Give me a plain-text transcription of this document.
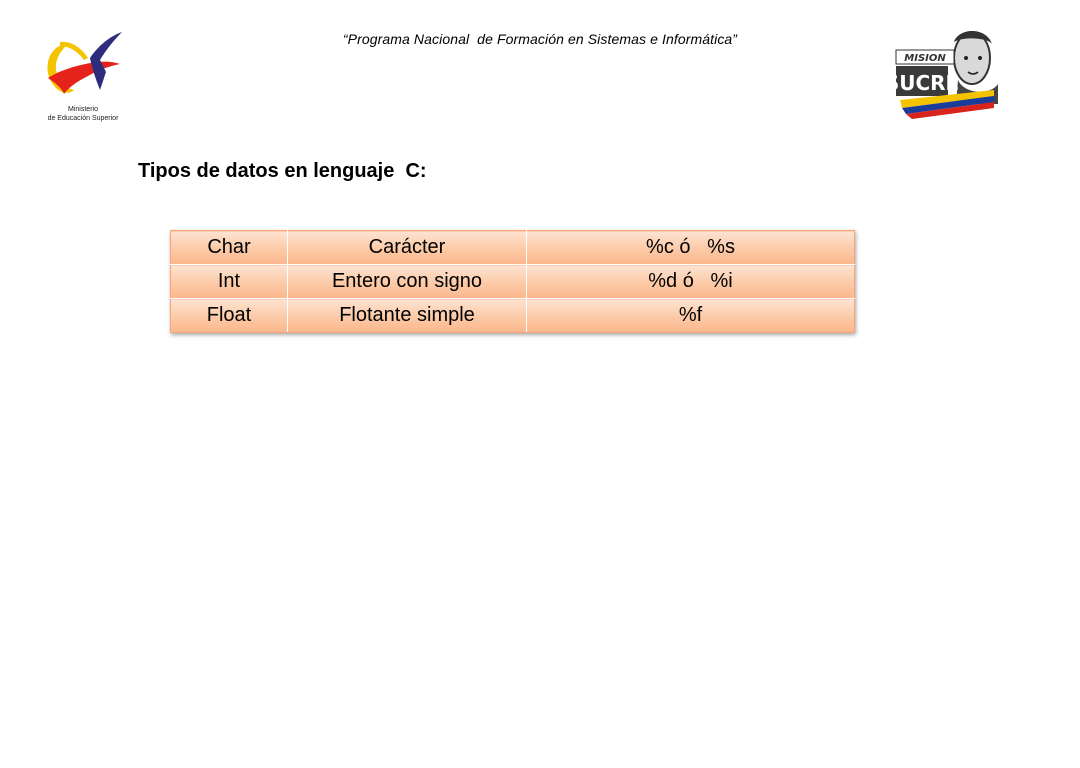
“Programa Nacional  de Formación en Sistemas e Informática”
Ministerio
de Educación Superior
MISION
SUCRE
Tipos de datos en lenguaje  C:
Char	Carácter	%c ó   %s
Int	Entero con signo	%d ó   %i
Float	Flotante simple	%f
